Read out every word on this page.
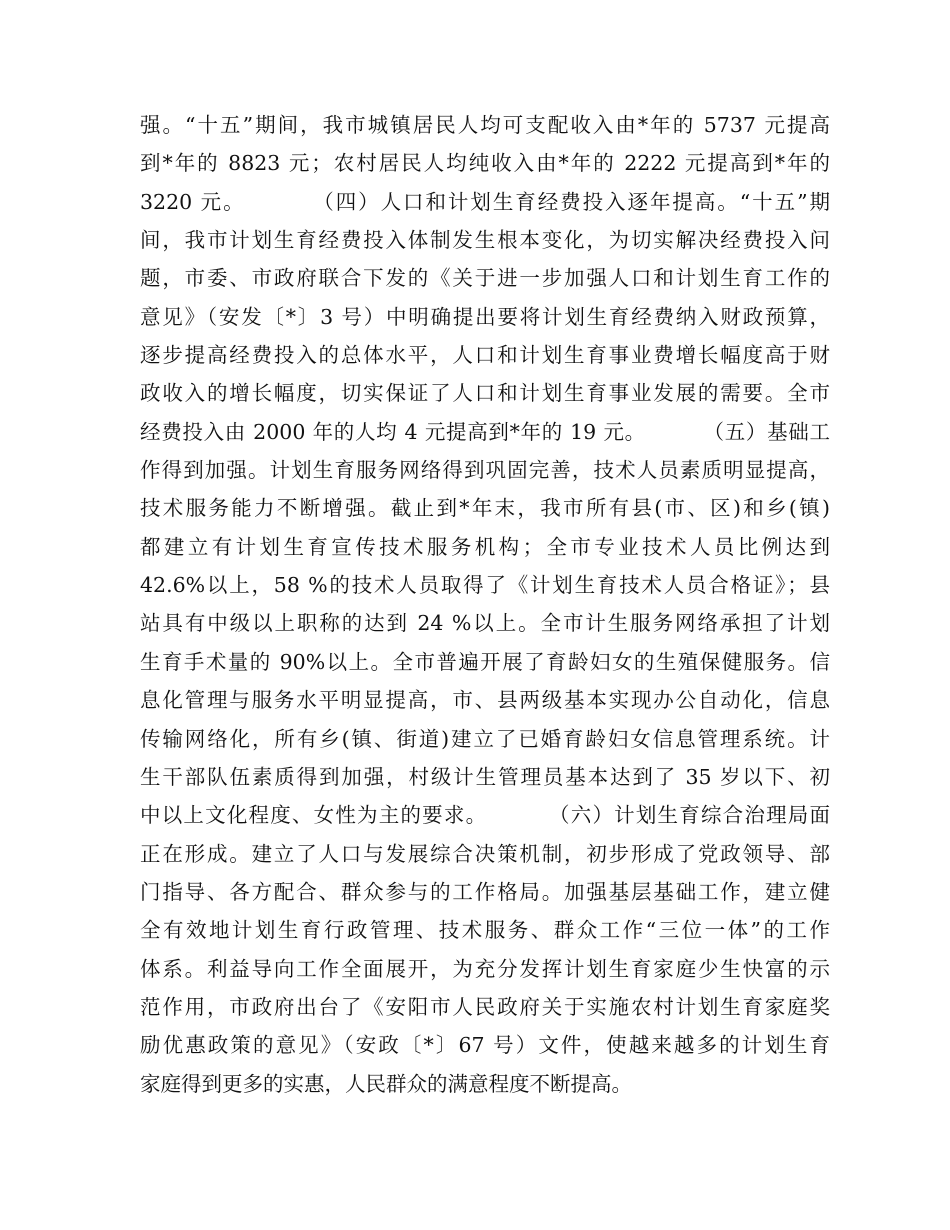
强。“十五”期间，我市城镇居民人均可支配收入由*年的 5737 元提高
到*年的 8823 元；农村居民人均纯收入由*年的 2222 元提高到*年的
3220 元。        （四）人口和计划生育经费投入逐年提高。“十五”期
间，我市计划生育经费投入体制发生根本变化，为切实解决经费投入问
题，市委、市政府联合下发的《关于进一步加强人口和计划生育工作的
意见》（安发〔*〕3 号）中明确提出要将计划生育经费纳入财政预算，
逐步提高经费投入的总体水平，人口和计划生育事业费增长幅度高于财
政收入的增长幅度，切实保证了人口和计划生育事业发展的需要。全市
经费投入由 2000 年的人均 4 元提高到*年的 19 元。        （五）基础工
作得到加强。计划生育服务网络得到巩固完善，技术人员素质明显提高，
技术服务能力不断增强。截止到*年末，我市所有县(市、区)和乡(镇)
都建立有计划生育宣传技术服务机构；全市专业技术人员比例达到
42.6%以上，58 %的技术人员取得了《计划生育技术人员合格证》；县
站具有中级以上职称的达到 24 %以上。全市计生服务网络承担了计划
生育手术量的 90%以上。全市普遍开展了育龄妇女的生殖保健服务。信
息化管理与服务水平明显提高，市、县两级基本实现办公自动化，信息
传输网络化，所有乡(镇、街道)建立了已婚育龄妇女信息管理系统。计
生干部队伍素质得到加强，村级计生管理员基本达到了 35 岁以下、初
中以上文化程度、女性为主的要求。        （六）计划生育综合治理局面
正在形成。建立了人口与发展综合决策机制，初步形成了党政领导、部
门指导、各方配合、群众参与的工作格局。加强基层基础工作，建立健
全有效地计划生育行政管理、技术服务、群众工作“三位一体”的工作
体系。利益导向工作全面展开，为充分发挥计划生育家庭少生快富的示
范作用，市政府出台了《安阳市人民政府关于实施农村计划生育家庭奖
励优惠政策的意见》（安政〔*〕67 号）文件，使越来越多的计划生育
家庭得到更多的实惠，人民群众的满意程度不断提高。
